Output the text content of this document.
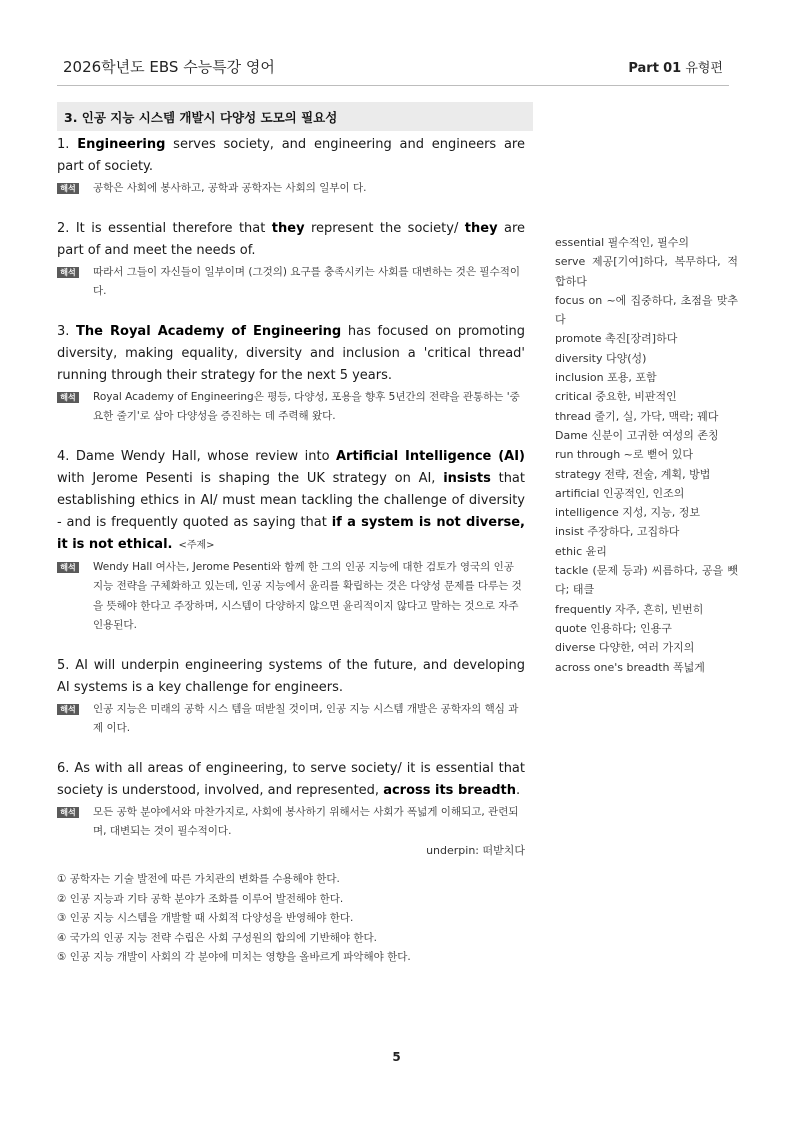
2026학년도 EBS 수능특강 영어	Part 01 유형편
3. 인공 지능 시스템 개발시 다양성 도모의 필요성
1. Engineering serves society, and engineering and engineers are part of society.
해석	공학은 사회에 봉사하고, 공학과 공학자는 사회의 일부이 다.
2. It is essential therefore that they represent the society/ they are part of and meet the needs of.
해석	따라서 그들이 자신들이 일부이며 (그것의) 요구를 충족시키는 사회를 대변하는 것은 필수적이다.
3. The Royal Academy of Engineering has focused on promoting diversity, making equality, diversity and inclusion a 'critical thread' running through their strategy for the next 5 years.
해석	Royal Academy of Engineering은 평등, 다양성, 포용을 향후 5년간의 전략을 관통하는 '중요한 줄기'로 삼아 다양성을 증진하는 데 주력해 왔다.
4. Dame Wendy Hall, whose review into Artificial Intelligence (AI) with Jerome Pesenti is shaping the UK strategy on AI, insists that establishing ethics in AI/ must mean tackling the challenge of diversity - and is frequently quoted as saying that if a system is not diverse, it is not ethical. <주제>
해석	Wendy Hall 여사는, Jerome Pesenti와 함께 한 그의 인공 지능에 대한 검토가 영국의 인공 지능 전략을 구체화하고 있는데, 인공 지능에서 윤리를 확립하는 것은 다양성 문제를 다루는 것을 뜻해야 한다고 주장하며, 시스템이 다양하지 않으면 윤리적이지 않다고 말하는 것으로 자주 인용된다.
5. AI will underpin engineering systems of the future, and developing AI systems is a key challenge for engineers.
해석	인공 지능은 미래의 공학 시스 템을 떠받칠 것이며, 인공 지능 시스템 개발은 공학자의 핵심 과제 이다.
6. As with all areas of engineering, to serve society/ it is essential that society is understood, involved, and represented, across its breadth.
해석	모든 공학 분야에서와 마찬가지로, 사회에 봉사하기 위해서는 사회가 폭넓게 이해되고, 관련되며, 대변되는 것이 필수적이다.
underpin: 떠받치다
① 공학자는 기술 발전에 따른 가치관의 변화를 수용해야 한다.
② 인공 지능과 기타 공학 분야가 조화를 이루어 발전해야 한다.
③ 인공 지능 시스템을 개발할 때 사회적 다양성을 반영해야 한다.
④ 국가의 인공 지능 전략 수립은 사회 구성원의 합의에 기반해야 한다.
⑤ 인공 지능 개발이 사회의 각 분야에 미치는 영향을 올바르게 파악해야 한다.
essential 필수적인, 필수의
serve 제공[기여]하다, 복무하다, 적합하다
focus on ~에 집중하다, 초점을 맞추다
promote 촉진[장려]하다
diversity 다양(성)
inclusion 포용, 포함
critical 중요한, 비판적인
thread 줄기, 실, 가닥, 맥락; 꿰다
Dame 신분이 고귀한 여성의 존칭
run through ~로 뻗어 있다
strategy 전략, 전술, 계획, 방법
artificial 인공적인, 인조의
intelligence 지성, 지능, 정보
insist 주장하다, 고집하다
ethic 윤리
tackle (문제 등과) 씨름하다, 공을 뺏다; 태클
frequently 자주, 흔히, 빈번히
quote 인용하다; 인용구
diverse 다양한, 여러 가지의
across one's breadth 폭넓게
5
